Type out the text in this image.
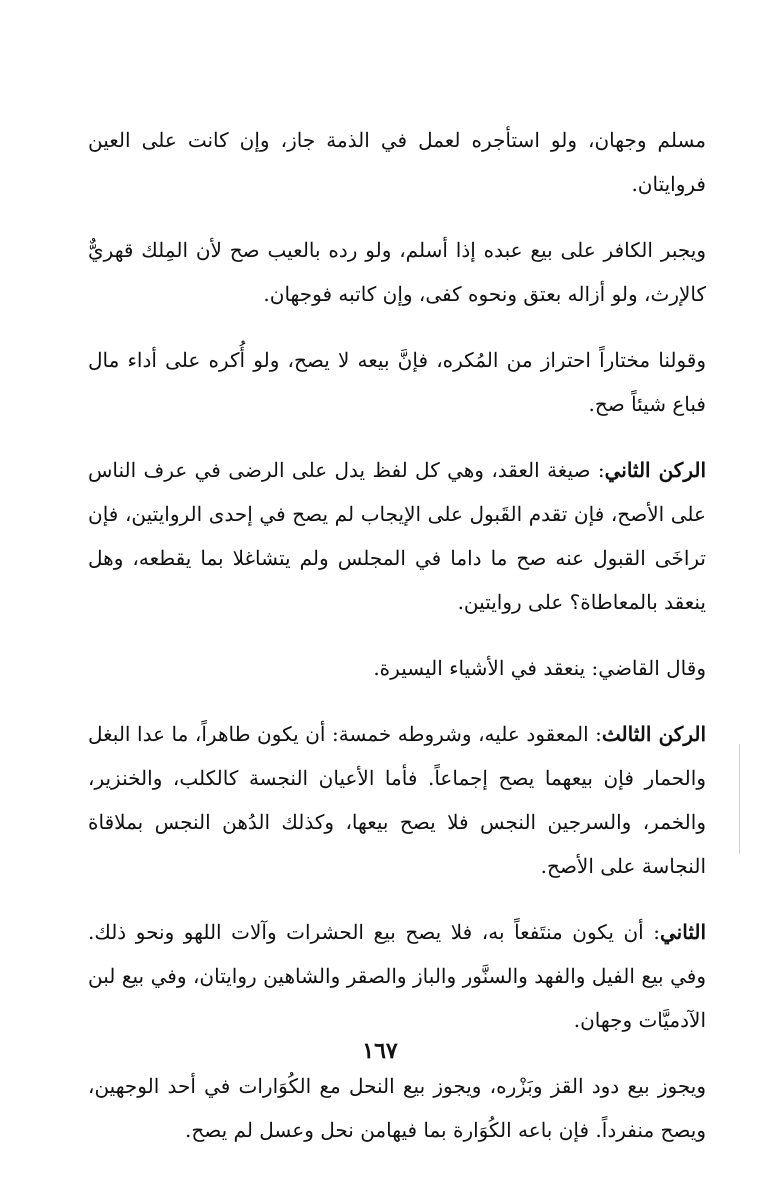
مسلم وجهان، ولو استأجره لعمل في الذمة جاز، وإن كانت على العين فروايتان.

ويجبر الكافر على بيع عبده إذا أسلم، ولو رده بالعيب صح لأن المِلك قهريٌّ كالإرث، ولو أزاله بعتق ونحوه كفى، وإن كاتبه فوجهان.

وقولنا مختاراً احتراز من المُكره، فإنَّ بيعه لا يصح، ولو أُكره على أداء مال فباع شيئاً صح.

الركن الثاني: صيغة العقد، وهي كل لفظ يدل على الرضى في عرف الناس على الأصح، فإن تقدم القَبول على الإيجاب لم يصح في إحدى الروايتين، فإن تراخَى القبول عنه صح ما داما في المجلس ولم يتشاغلا بما يقطعه، وهل ينعقد بالمعاطاة؟ على روايتين.

وقال القاضي: ينعقد في الأشياء اليسيرة.

الركن الثالث: المعقود عليه، وشروطه خمسة: أن يكون طاهراً، ما عدا البغل والحمار فإن بيعهما يصح إجماعاً. فأما الأعيان النجسة كالكلب، والخنزير، والخمر، والسرجين النجس فلا يصح بيعها، وكذلك الدُهن النجس بملاقاة النجاسة على الأصح.

الثاني: أن يكون منتَفعاً به، فلا يصح بيع الحشرات وآلات اللهو ونحو ذلك. وفي بيع الفيل والفهد والسنَّور والباز والصقر والشاهين روايتان، وفي بيع لبن الآدميَّات وجهان.

ويجوز بيع دود القز وبَزْره، ويجوز بيع النحل مع الكُوَارات في أحد الوجهين، ويصح منفرداً. فإن باعه الكُوَارة بما فيهامن نحل وعسل لم يصح.

١٦٧
